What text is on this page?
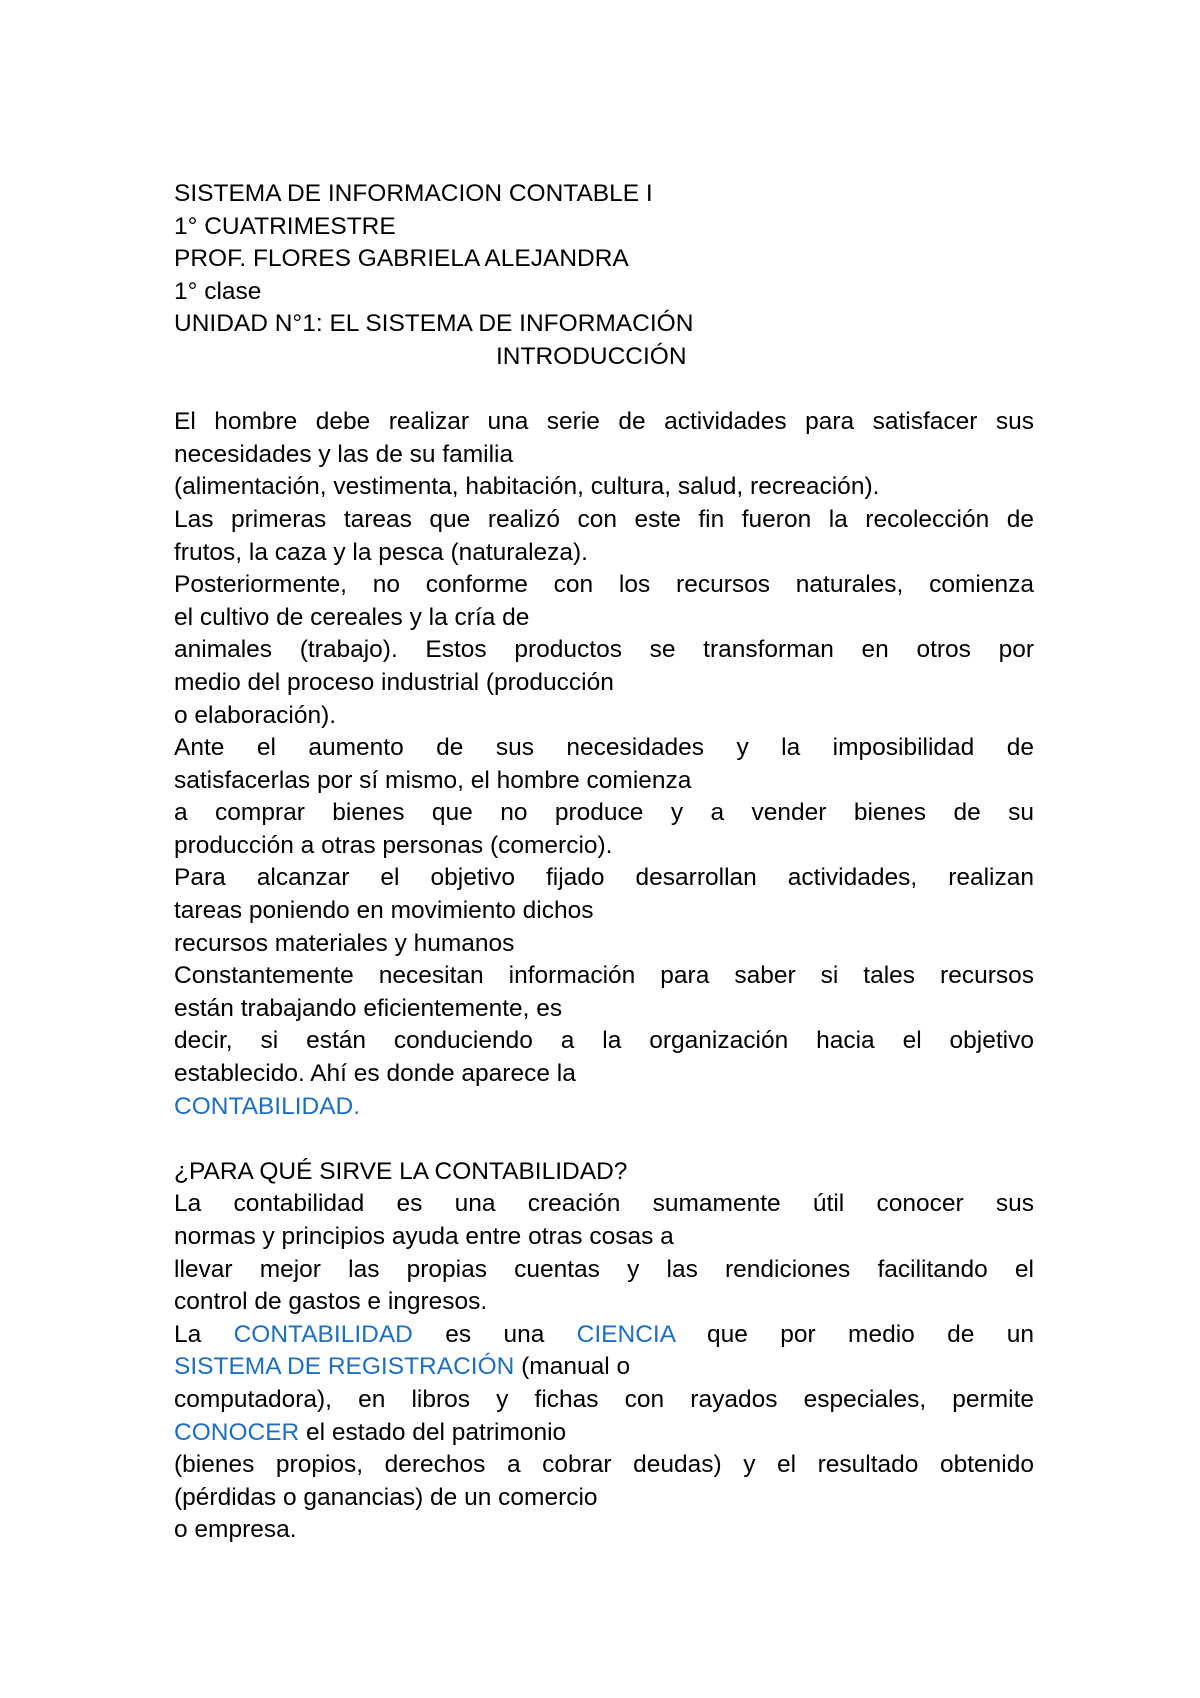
SISTEMA DE INFORMACION CONTABLE I
1° CUATRIMESTRE
PROF. FLORES GABRIELA ALEJANDRA
1° clase
UNIDAD N°1: EL SISTEMA DE INFORMACIÓN
INTRODUCCIÓN
El hombre debe realizar una serie de actividades para satisfacer sus
necesidades y las de su familia
(alimentación, vestimenta, habitación, cultura, salud, recreación).
Las primeras tareas que realizó con este fin fueron la recolección de
frutos, la caza y la pesca (naturaleza).
Posteriormente, no conforme con los recursos naturales, comienza
el cultivo de cereales y la cría de
animales (trabajo). Estos productos se transforman en otros por
medio del proceso industrial (producción
o elaboración).
Ante el aumento de sus necesidades y la imposibilidad de
satisfacerlas por sí mismo, el hombre comienza
a comprar bienes que no produce y a vender bienes de su
producción a otras personas (comercio).
Para alcanzar el objetivo fijado desarrollan actividades, realizan
tareas poniendo en movimiento dichos
recursos materiales y humanos
Constantemente necesitan información para saber si tales recursos
están trabajando eficientemente, es
decir, si están conduciendo a la organización hacia el objetivo
establecido. Ahí es donde aparece la
CONTABILIDAD.
¿PARA QUÉ SIRVE LA CONTABILIDAD?
La contabilidad es una creación sumamente útil conocer sus
normas y principios ayuda entre otras cosas a
llevar mejor las propias cuentas y las rendiciones facilitando el
control de gastos e ingresos.
La CONTABILIDAD es una CIENCIA que por medio de un
SISTEMA DE REGISTRACIÓN (manual o
computadora), en libros y fichas con rayados especiales, permite
CONOCER el estado del patrimonio
(bienes propios, derechos a cobrar deudas) y el resultado obtenido
(pérdidas o ganancias) de un comercio
o empresa.
